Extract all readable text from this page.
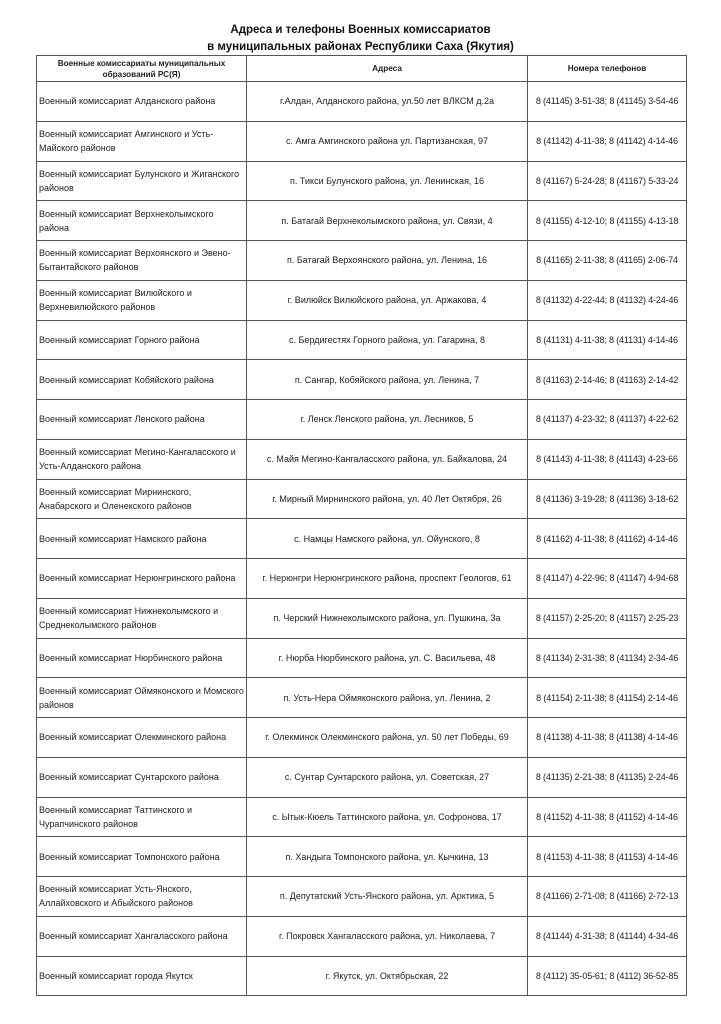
Адреса и телефоны Военных комиссариатов
в муниципальных районах Республики Саха (Якутия)
Военные комиссариаты муниципальных образований РС(Я)	Адреса	Номера телефонов
Военный комиссариат Алданского района	г.Алдан, Алданского района, ул.50 лет ВЛКСМ д.2а	8 (41145) 3-51-38; 8 (41145) 3-54-46
Военный комиссариат Амгинского и Усть-Майского районов	с. Амга Амгинского района ул. Партизанская, 97	8 (41142) 4-11-38; 8 (41142) 4-14-46
Военный комиссариат Булунского и Жиганского районов	п. Тикси Булунского района, ул. Ленинская, 16	8 (41167) 5-24-28; 8 (41167) 5-33-24
Военный комиссариат Верхнеколымского района	п. Батагай Верхнеколымского района, ул. Связи, 4	8 (41155) 4-12-10; 8 (41155) 4-13-18
Военный комиссариат Верхоянского и Эвено-Бытантайского районов	п. Батагай Верхоянского района, ул. Ленина, 16	8 (41165) 2-11-38; 8 (41165) 2-06-74
Военный комиссариат Вилюйского и Верхневилюйского районов	г. Вилюйск Вилюйского района, ул. Аржакова, 4	8 (41132) 4-22-44; 8 (41132) 4-24-46
Военный комиссариат Горного района	с. Бердигестях Горного района, ул. Гагарина, 8	8 (41131) 4-11-38; 8 (41131) 4-14-46
Военный комиссариат Кобяйского района	п. Сангар, Кобяйского района, ул. Ленина, 7	8 (41163) 2-14-46; 8 (41163) 2-14-42
Военный комиссариат Ленского района	г. Ленск Ленского района, ул. Лесников, 5	8 (41137) 4-23-32; 8 (41137) 4-22-62
Военный комиссариат Мегино-Кангаласского и Усть-Алданского района	с. Майя Мегино-Кангаласского района, ул. Байкалова, 24	8 (41143) 4-11-38; 8 (41143) 4-23-66
Военный комиссариат Мирнинского, Анабарского и Оленекского районов	г. Мирный Мирнинского района, ул. 40 Лет Октября, 26	8 (41136) 3-19-28; 8 (41136) 3-18-62
Военный комиссариат Намского района	с. Намцы Намского района, ул. Ойунского, 8	8 (41162) 4-11-38; 8 (41162) 4-14-46
Военный комиссариат Нерюнгринского района	г. Нерюнгри Нерюнгринского района, проспект Геологов, 61	8 (41147) 4-22-96; 8 (41147) 4-94-68
Военный комиссариат Нижнеколымского и Среднеколымского районов	п. Черский Нижнеколымского района, ул. Пушкина, 3а	8 (41157) 2-25-20; 8 (41157) 2-25-23
Военный комиссариат Нюрбинского района	г. Нюрба Нюрбинского района, ул. С. Васильева, 48	8 (41134) 2-31-38; 8 (41134) 2-34-46
Военный комиссариат Оймяконского и Момского районов	п. Усть-Нера Оймяконского района, ул. Ленина, 2	8 (41154) 2-11-38; 8 (41154) 2-14-46
Военный комиссариат Олекминского района	г. Олекминск Олекминского района, ул. 50 лет Победы, 69	8 (41138) 4-11-38; 8 (41138) 4-14-46
Военный комиссариат Сунтарского района	с. Сунтар Сунтарского района, ул. Советская, 27	8 (41135) 2-21-38; 8 (41135) 2-24-46
Военный комиссариат Таттинского и Чурапчинского районов	с. Ытык-Кюель Таттинского района, ул. Софронова, 17	8 (41152) 4-11-38; 8 (41152) 4-14-46
Военный комиссариат Томпонского района	п. Хандыга Томпонского района, ул. Кычкина, 13	8 (41153) 4-11-38; 8 (41153) 4-14-46
Военный комиссариат Усть-Янского, Аллайховского и Абыйского районов	п. Депутатский Усть-Янского района, ул. Арктика, 5	8 (41166) 2-71-08; 8 (41166) 2-72-13
Военный комиссариат Хангаласского района	г. Покровск Хангаласского района, ул. Николаева, 7	8 (41144) 4-31-38; 8 (41144) 4-34-46
Военный комиссариат города Якутск	г. Якутск, ул. Октябрьская, 22	8 (4112) 35-05-61; 8 (4112) 36-52-85
